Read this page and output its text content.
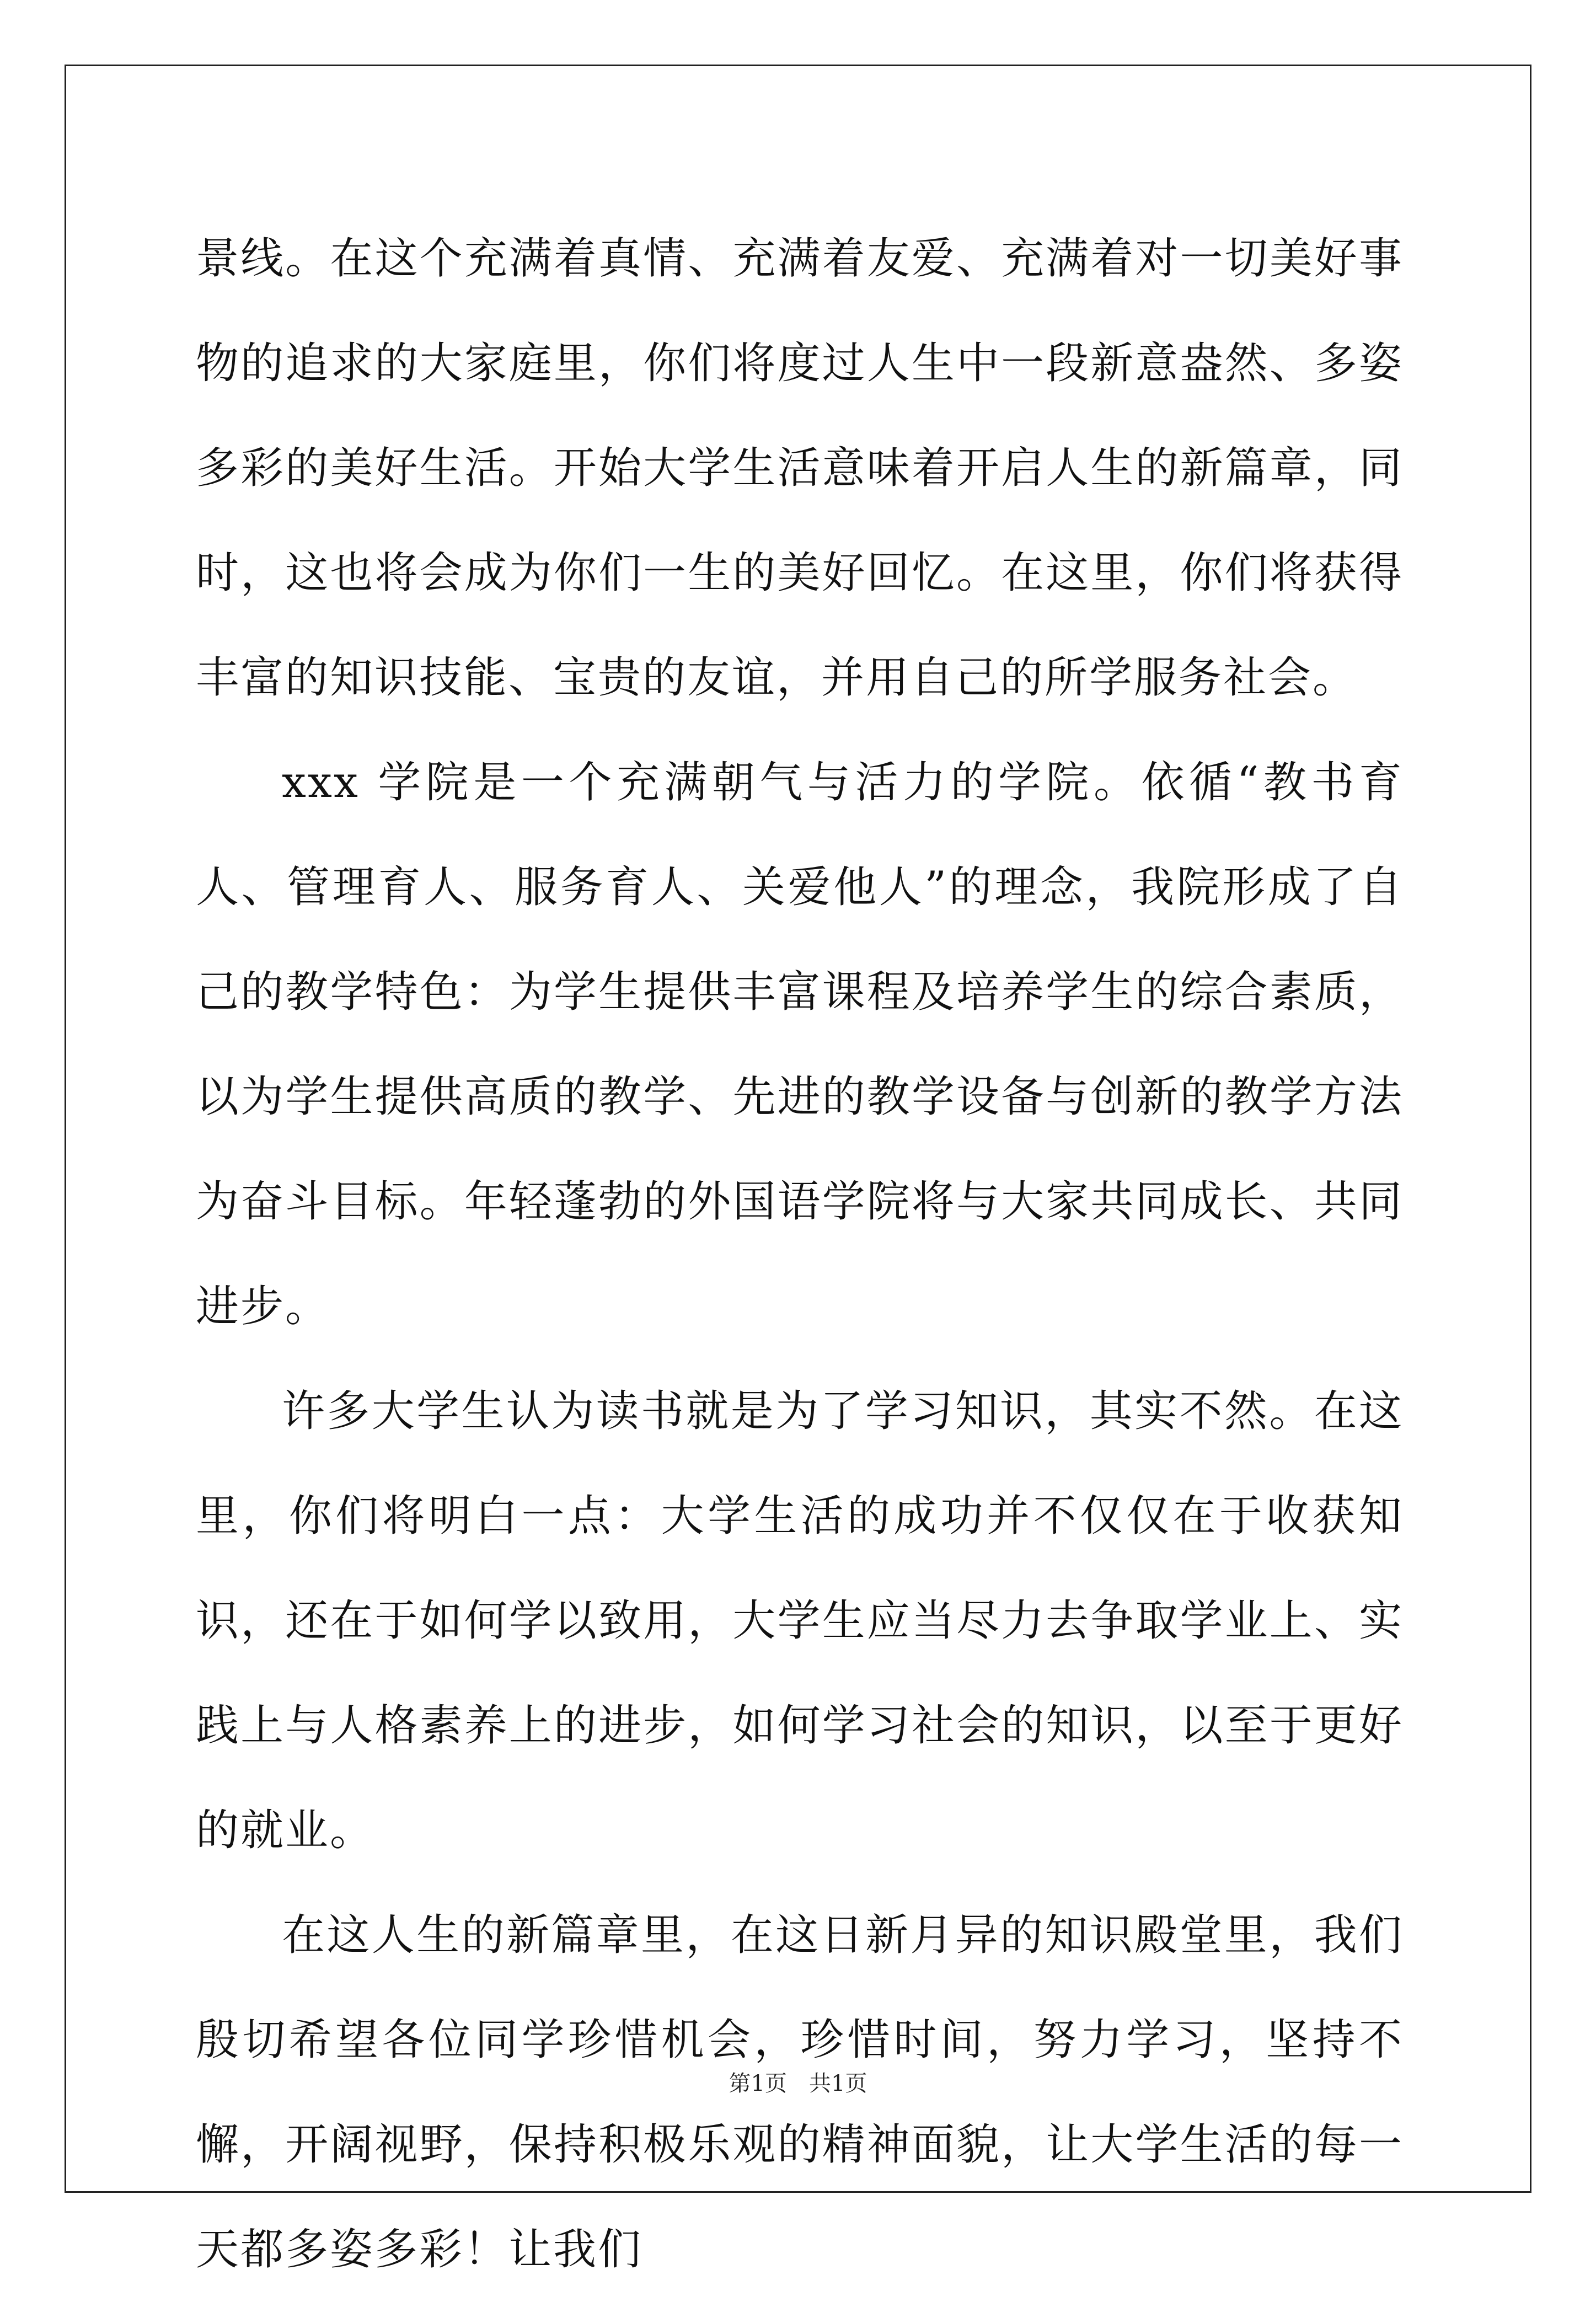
景线。在这个充满着真情、充满着友爱、充满着对一切美好事物的追求的大家庭里，你们将度过人生中一段新意盎然、多姿多彩的美好生活。开始大学生活意味着开启人生的新篇章，同时，这也将会成为你们一生的美好回忆。在这里，你们将获得丰富的知识技能、宝贵的友谊，并用自己的所学服务社会。

xxx 学院是一个充满朝气与活力的学院。依循“教书育人、管理育人、服务育人、关爱他人”的理念，我院形成了自己的教学特色：为学生提供丰富课程及培养学生的综合素质，以为学生提供高质的教学、先进的教学设备与创新的教学方法为奋斗目标。年轻蓬勃的外国语学院将与大家共同成长、共同进步。

许多大学生认为读书就是为了学习知识，其实不然。在这里，你们将明白一点：大学生活的成功并不仅仅在于收获知识，还在于如何学以致用，大学生应当尽力去争取学业上、实践上与人格素养上的进步，如何学习社会的知识，以至于更好的就业。

在这人生的新篇章里，在这日新月异的知识殿堂里，我们殷切希望各位同学珍惜机会，珍惜时间，努力学习，坚持不懈，开阔视野，保持积极乐观的精神面貌，让大学生活的每一天都多姿多彩！让我们

第1页　共1页
